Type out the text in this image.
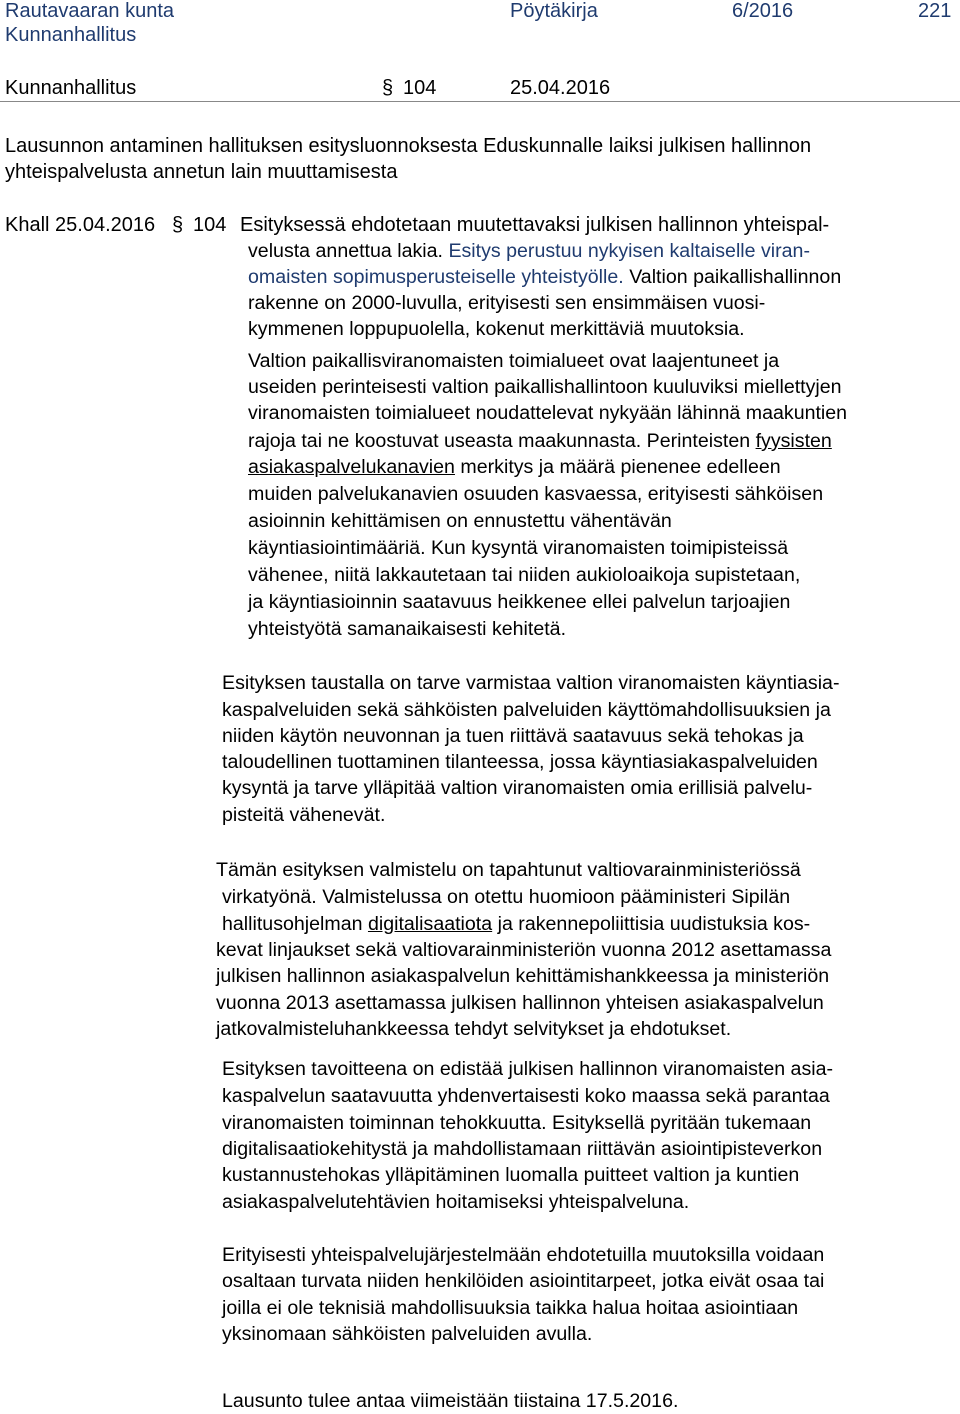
Rautavaaran kunta
Kunnanhallitus
Pöytäkirja	6/2016	221
Kunnanhallitus	§ 104	25.04.2016
Lausunnon antaminen hallituksen esitysluonnoksesta Eduskunnalle laiksi julkisen hallinnon
yhteispalvelusta annetun lain muuttamisesta
Khall 25.04.2016 § 104 Esityksessä ehdotetaan muutettavaksi julkisen hallinnon yhteispal-
velusta annettua lakia. Esitys perustuu nykyisen kaltaiselle viran-
omaisten sopimusperusteiselle yhteistyölle. Valtion paikallishallinnon
rakenne on 2000-luvulla, erityisesti sen ensimmäisen vuosi-
kymmenen loppupuolella, kokenut merkittäviä muutoksia.
Valtion paikallisviranomaisten toimialueet ovat laajentuneet ja
useiden perinteisesti valtion paikallishallintoon kuuluviksi miellettyjen
viranomaisten toimialueet noudattelevat nykyään lähinnä maakuntien
rajoja tai ne koostuvat useasta maakunnasta. Perinteisten fyysisten
asiakaspalvelukanavien merkitys ja määrä pienenee edelleen
muiden palvelukanavien osuuden kasvaessa, erityisesti sähköisen
asioinnin kehittämisen on ennustettu vähentävän
käyntiasiointimääriä. Kun kysyntä viranomaisten toimipisteissä
vähenee, niitä lakkautetaan tai niiden aukioloaikoja supistetaan,
ja käyntiasioinnin saatavuus heikkenee ellei palvelun tarjoajien
yhteistyötä samanaikaisesti kehitetä.
Esityksen taustalla on tarve varmistaa valtion viranomaisten käyntiasia-
kaspalveluiden sekä sähköisten palveluiden käyttömahdollisuuksien ja
niiden käytön neuvonnan ja tuen riittävä saatavuus sekä tehokas ja
taloudellinen tuottaminen tilanteessa, jossa käyntiasiakaspalveluiden
kysyntä ja tarve ylläpitää valtion viranomaisten omia erillisiä palvelu-
pisteitä vähenevät.
Tämän esityksen valmistelu on tapahtunut valtiovarainministeriössä
virkatyönä. Valmistelussa on otettu huomioon pääministeri Sipilän
hallitusohjelman digitalisaatiota ja rakennepoliittisia uudistuksia kos-
kevat linjaukset sekä valtiovarainministeriön vuonna 2012 asettamassa
julkisen hallinnon asiakaspalvelun kehittämishankkeessa ja ministeriön
vuonna 2013 asettamassa julkisen hallinnon yhteisen asiakaspalvelun
jatkovalmisteluhankkeessa tehdyt selvitykset ja ehdotukset.
Esityksen tavoitteena on edistää julkisen hallinnon viranomaisten asia-
kaspalvelun saatavuutta yhdenvertaisesti koko maassa sekä parantaa
viranomaisten toiminnan tehokkuutta. Esityksellä pyritään tukemaan
digitalisaatiokehitystä ja mahdollistamaan riittävän asiointipisteverkon
kustannustehokas ylläpitäminen luomalla puitteet valtion ja kuntien
asiakaspalvelutehtävien hoitamiseksi yhteispalveluna.
Erityisesti yhteispalvelujärjestelmään ehdotetuilla muutoksilla voidaan
osaltaan turvata niiden henkilöiden asiointitarpeet, jotka eivät osaa tai
joilla ei ole teknisiä mahdollisuuksia taikka halua hoitaa asiointiaan
yksinomaan sähköisten palveluiden avulla.
Lausunto tulee antaa viimeistään tiistaina 17.5.2016.
